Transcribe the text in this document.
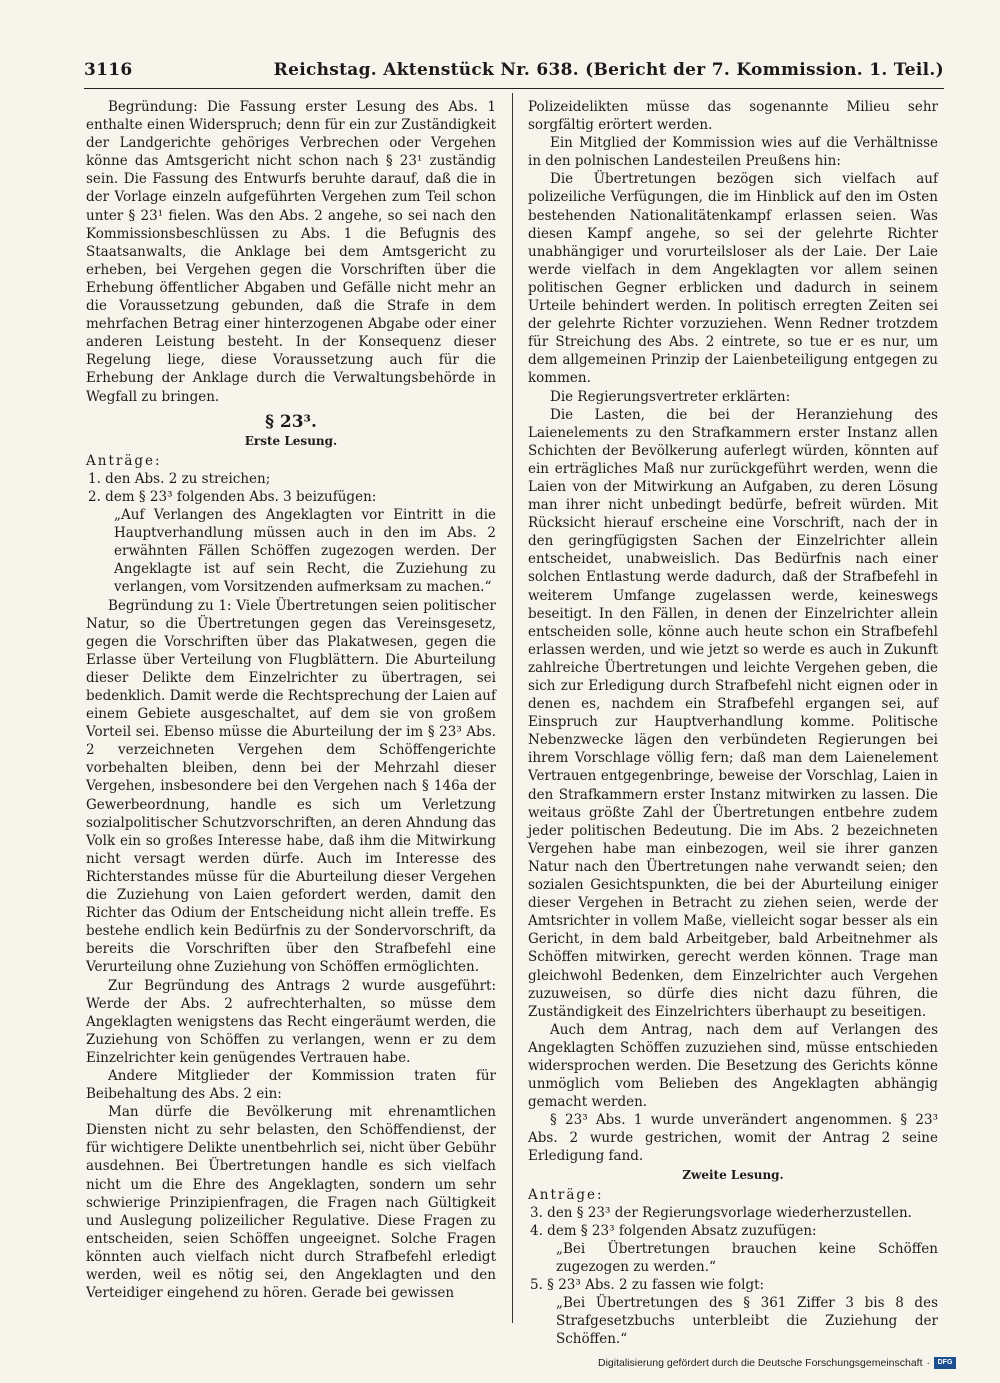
3116	Reichstag. Aktenstück Nr. 638. (Bericht der 7. Kommission. 1. Teil.)

Begründung: Die Fassung erster Lesung des Abs. 1 enthalte einen Widerspruch; denn für ein zur Zuständigkeit der Landgerichte gehöriges Verbrechen oder Vergehen könne das Amtsgericht nicht schon nach § 23¹ zuständig sein. Die Fassung des Entwurfs beruhte darauf, daß die in der Vorlage einzeln aufgeführten Vergehen zum Teil schon unter § 23¹ fielen. Was den Abs. 2 angehe, so sei nach den Kommissionsbeschlüssen zu Abs. 1 die Befugnis des Staatsanwalts, die Anklage bei dem Amtsgericht zu erheben, bei Vergehen gegen die Vorschriften über die Erhebung öffentlicher Abgaben und Gefälle nicht mehr an die Voraussetzung gebunden, daß die Strafe in dem mehrfachen Betrag einer hinterzogenen Abgabe oder einer anderen Leistung besteht. In der Konsequenz dieser Regelung liege, diese Voraussetzung auch für die Erhebung der Anklage durch die Verwaltungsbehörde in Wegfall zu bringen.

§ 23³.
Erste Lesung.

Anträge:

1. den Abs. 2 zu streichen;

2. dem § 23³ folgenden Abs. 3 beizufügen:

„Auf Verlangen des Angeklagten vor Eintritt in die Hauptverhandlung müssen auch in den im Abs. 2 erwähnten Fällen Schöffen zugezogen werden. Der Angeklagte ist auf sein Recht, die Zuziehung zu verlangen, vom Vorsitzenden aufmerksam zu machen.“

Begründung zu 1: Viele Übertretungen seien politischer Natur, so die Übertretungen gegen das Vereinsgesetz, gegen die Vorschriften über das Plakatwesen, gegen die Erlasse über Verteilung von Flugblättern. Die Aburteilung dieser Delikte dem Einzelrichter zu übertragen, sei bedenklich. Damit werde die Rechtsprechung der Laien auf einem Gebiete ausgeschaltet, auf dem sie von großem Vorteil sei. Ebenso müsse die Aburteilung der im § 23³ Abs. 2 verzeichneten Vergehen dem Schöffengerichte vorbehalten bleiben, denn bei der Mehrzahl dieser Vergehen, insbesondere bei den Vergehen nach § 146a der Gewerbeordnung, handle es sich um Verletzung sozialpolitischer Schutzvorschriften, an deren Ahndung das Volk ein so großes Interesse habe, daß ihm die Mitwirkung nicht versagt werden dürfe. Auch im Interesse des Richterstandes müsse für die Aburteilung dieser Vergehen die Zuziehung von Laien gefordert werden, damit den Richter das Odium der Entscheidung nicht allein treffe. Es bestehe endlich kein Bedürfnis zu der Sondervorschrift, da bereits die Vorschriften über den Strafbefehl eine Verurteilung ohne Zuziehung von Schöffen ermöglichten.

Zur Begründung des Antrags 2 wurde ausgeführt: Werde der Abs. 2 aufrechterhalten, so müsse dem Angeklagten wenigstens das Recht eingeräumt werden, die Zuziehung von Schöffen zu verlangen, wenn er zu dem Einzelrichter kein genügendes Vertrauen habe.

Andere Mitglieder der Kommission traten für Beibehaltung des Abs. 2 ein:

Man dürfe die Bevölkerung mit ehrenamtlichen Diensten nicht zu sehr belasten, den Schöffendienst, der für wichtigere Delikte unentbehrlich sei, nicht über Gebühr ausdehnen. Bei Übertretungen handle es sich vielfach nicht um die Ehre des Angeklagten, sondern um sehr schwierige Prinzipienfragen, die Fragen nach Gültigkeit und Auslegung polizeilicher Regulative. Diese Fragen zu entscheiden, seien Schöffen ungeeignet. Solche Fragen könnten auch vielfach nicht durch Strafbefehl erledigt werden, weil es nötig sei, den Angeklagten und den Verteidiger eingehend zu hören. Gerade bei gewissen

Polizeidelikten müsse das sogenannte Milieu sehr sorgfältig erörtert werden.

Ein Mitglied der Kommission wies auf die Verhältnisse in den polnischen Landesteilen Preußens hin:

Die Übertretungen bezögen sich vielfach auf polizeiliche Verfügungen, die im Hinblick auf den im Osten bestehenden Nationalitätenkampf erlassen seien. Was diesen Kampf angehe, so sei der gelehrte Richter unabhängiger und vorurteilsloser als der Laie. Der Laie werde vielfach in dem Angeklagten vor allem seinen politischen Gegner erblicken und dadurch in seinem Urteile behindert werden. In politisch erregten Zeiten sei der gelehrte Richter vorzuziehen. Wenn Redner trotzdem für Streichung des Abs. 2 eintrete, so tue er es nur, um dem allgemeinen Prinzip der Laienbeteiligung entgegen zu kommen.

Die Regierungsvertreter erklärten:

Die Lasten, die bei der Heranziehung des Laienelements zu den Strafkammern erster Instanz allen Schichten der Bevölkerung auferlegt würden, könnten auf ein erträgliches Maß nur zurückgeführt werden, wenn die Laien von der Mitwirkung an Aufgaben, zu deren Lösung man ihrer nicht unbedingt bedürfe, befreit würden. Mit Rücksicht hierauf erscheine eine Vorschrift, nach der in den geringfügigsten Sachen der Einzelrichter allein entscheidet, unabweislich. Das Bedürfnis nach einer solchen Entlastung werde dadurch, daß der Strafbefehl in weiterem Umfange zugelassen werde, keineswegs beseitigt. In den Fällen, in denen der Einzelrichter allein entscheiden solle, könne auch heute schon ein Strafbefehl erlassen werden, und wie jetzt so werde es auch in Zukunft zahlreiche Übertretungen und leichte Vergehen geben, die sich zur Erledigung durch Strafbefehl nicht eignen oder in denen es, nachdem ein Strafbefehl ergangen sei, auf Einspruch zur Hauptverhandlung komme. Politische Nebenzwecke lägen den verbündeten Regierungen bei ihrem Vorschlage völlig fern; daß man dem Laienelement Vertrauen entgegenbringe, beweise der Vorschlag, Laien in den Strafkammern erster Instanz mitwirken zu lassen. Die weitaus größte Zahl der Übertretungen entbehre zudem jeder politischen Bedeutung. Die im Abs. 2 bezeichneten Vergehen habe man einbezogen, weil sie ihrer ganzen Natur nach den Übertretungen nahe verwandt seien; den sozialen Gesichtspunkten, die bei der Aburteilung einiger dieser Vergehen in Betracht zu ziehen seien, werde der Amtsrichter in vollem Maße, vielleicht sogar besser als ein Gericht, in dem bald Arbeitgeber, bald Arbeitnehmer als Schöffen mitwirken, gerecht werden können. Trage man gleichwohl Bedenken, dem Einzelrichter auch Vergehen zuzuweisen, so dürfe dies nicht dazu führen, die Zuständigkeit des Einzelrichters überhaupt zu beseitigen.

Auch dem Antrag, nach dem auf Verlangen des Angeklagten Schöffen zuzuziehen sind, müsse entschieden widersprochen werden. Die Besetzung des Gerichts könne unmöglich vom Belieben des Angeklagten abhängig gemacht werden.

§ 23³ Abs. 1 wurde unverändert angenommen. § 23³ Abs. 2 wurde gestrichen, womit der Antrag 2 seine Erledigung fand.

Zweite Lesung.

Anträge:

3. den § 23³ der Regierungsvorlage wiederherzustellen.

4. dem § 23³ folgenden Absatz zuzufügen:

„Bei Übertretungen brauchen keine Schöffen zugezogen zu werden.“

5. § 23³ Abs. 2 zu fassen wie folgt:

„Bei Übertretungen des § 361 Ziffer 3 bis 8 des Strafgesetzbuchs unterbleibt die Zuziehung der Schöffen.“

Digitalisierung gefördert durch die Deutsche Forschungsgemeinschaft ·	DFG
